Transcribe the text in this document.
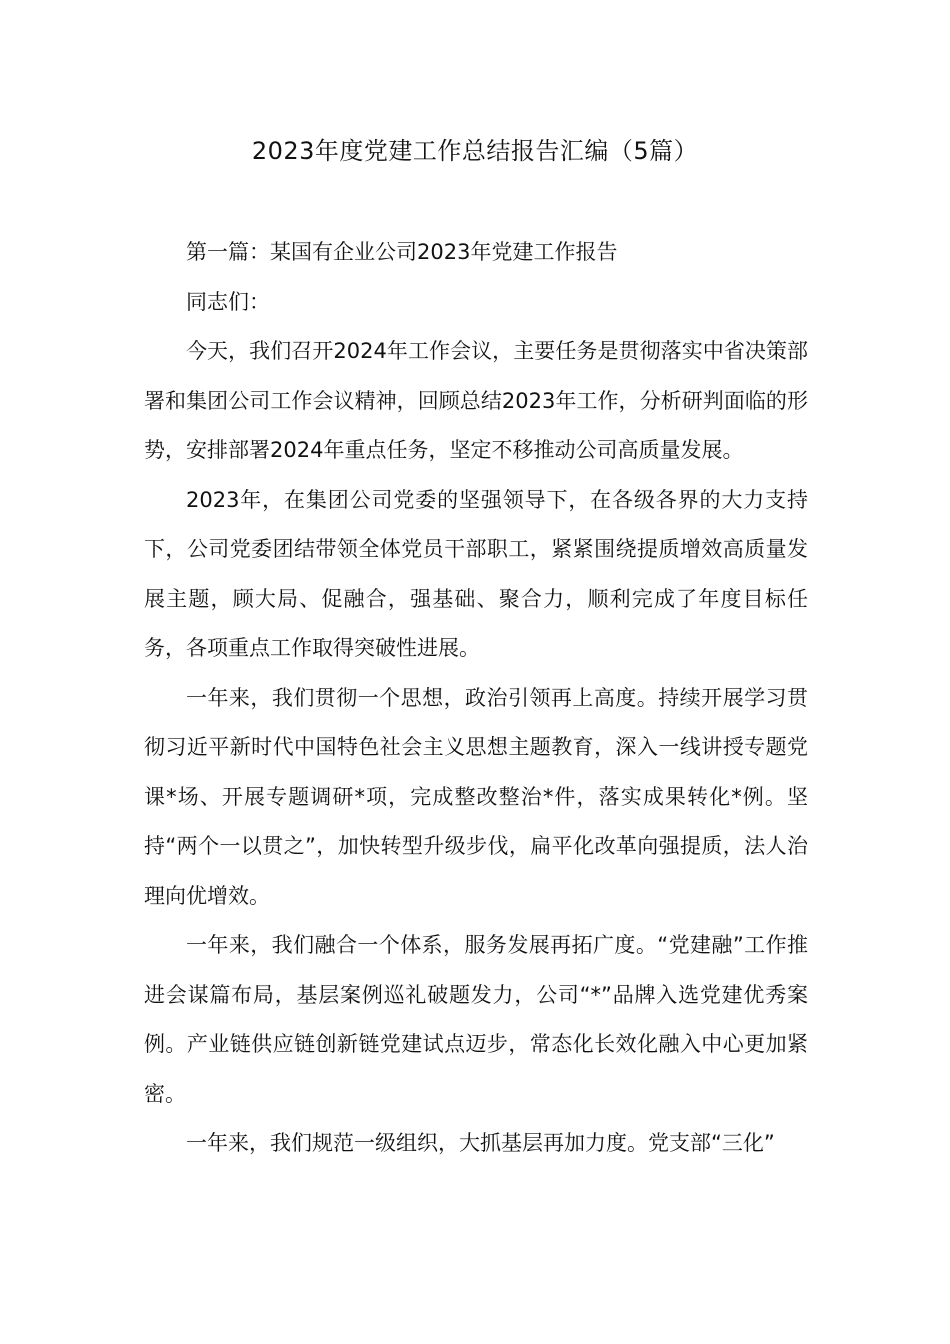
2023年度党建工作总结报告汇编（5篇）

第一篇：某国有企业公司2023年党建工作报告

同志们：

今天，我们召开2024年工作会议，主要任务是贯彻落实中省决策部署和集团公司工作会议精神，回顾总结2023年工作，分析研判面临的形势，安排部署2024年重点任务，坚定不移推动公司高质量发展。

2023年，在集团公司党委的坚强领导下，在各级各界的大力支持下，公司党委团结带领全体党员干部职工，紧紧围绕提质增效高质量发展主题，顾大局、促融合，强基础、聚合力，顺利完成了年度目标任务，各项重点工作取得突破性进展。

一年来，我们贯彻一个思想，政治引领再上高度。持续开展学习贯彻习近平新时代中国特色社会主义思想主题教育，深入一线讲授专题党课*场、开展专题调研*项，完成整改整治*件，落实成果转化*例。坚持“两个一以贯之”，加快转型升级步伐，扁平化改革向强提质，法人治理向优增效。

一年来，我们融合一个体系，服务发展再拓广度。“党建融”工作推进会谋篇布局，基层案例巡礼破题发力，公司“*”品牌入选党建优秀案例。产业链供应链创新链党建试点迈步，常态化长效化融入中心更加紧密。

一年来，我们规范一级组织，大抓基层再加力度。党支部“三化”
